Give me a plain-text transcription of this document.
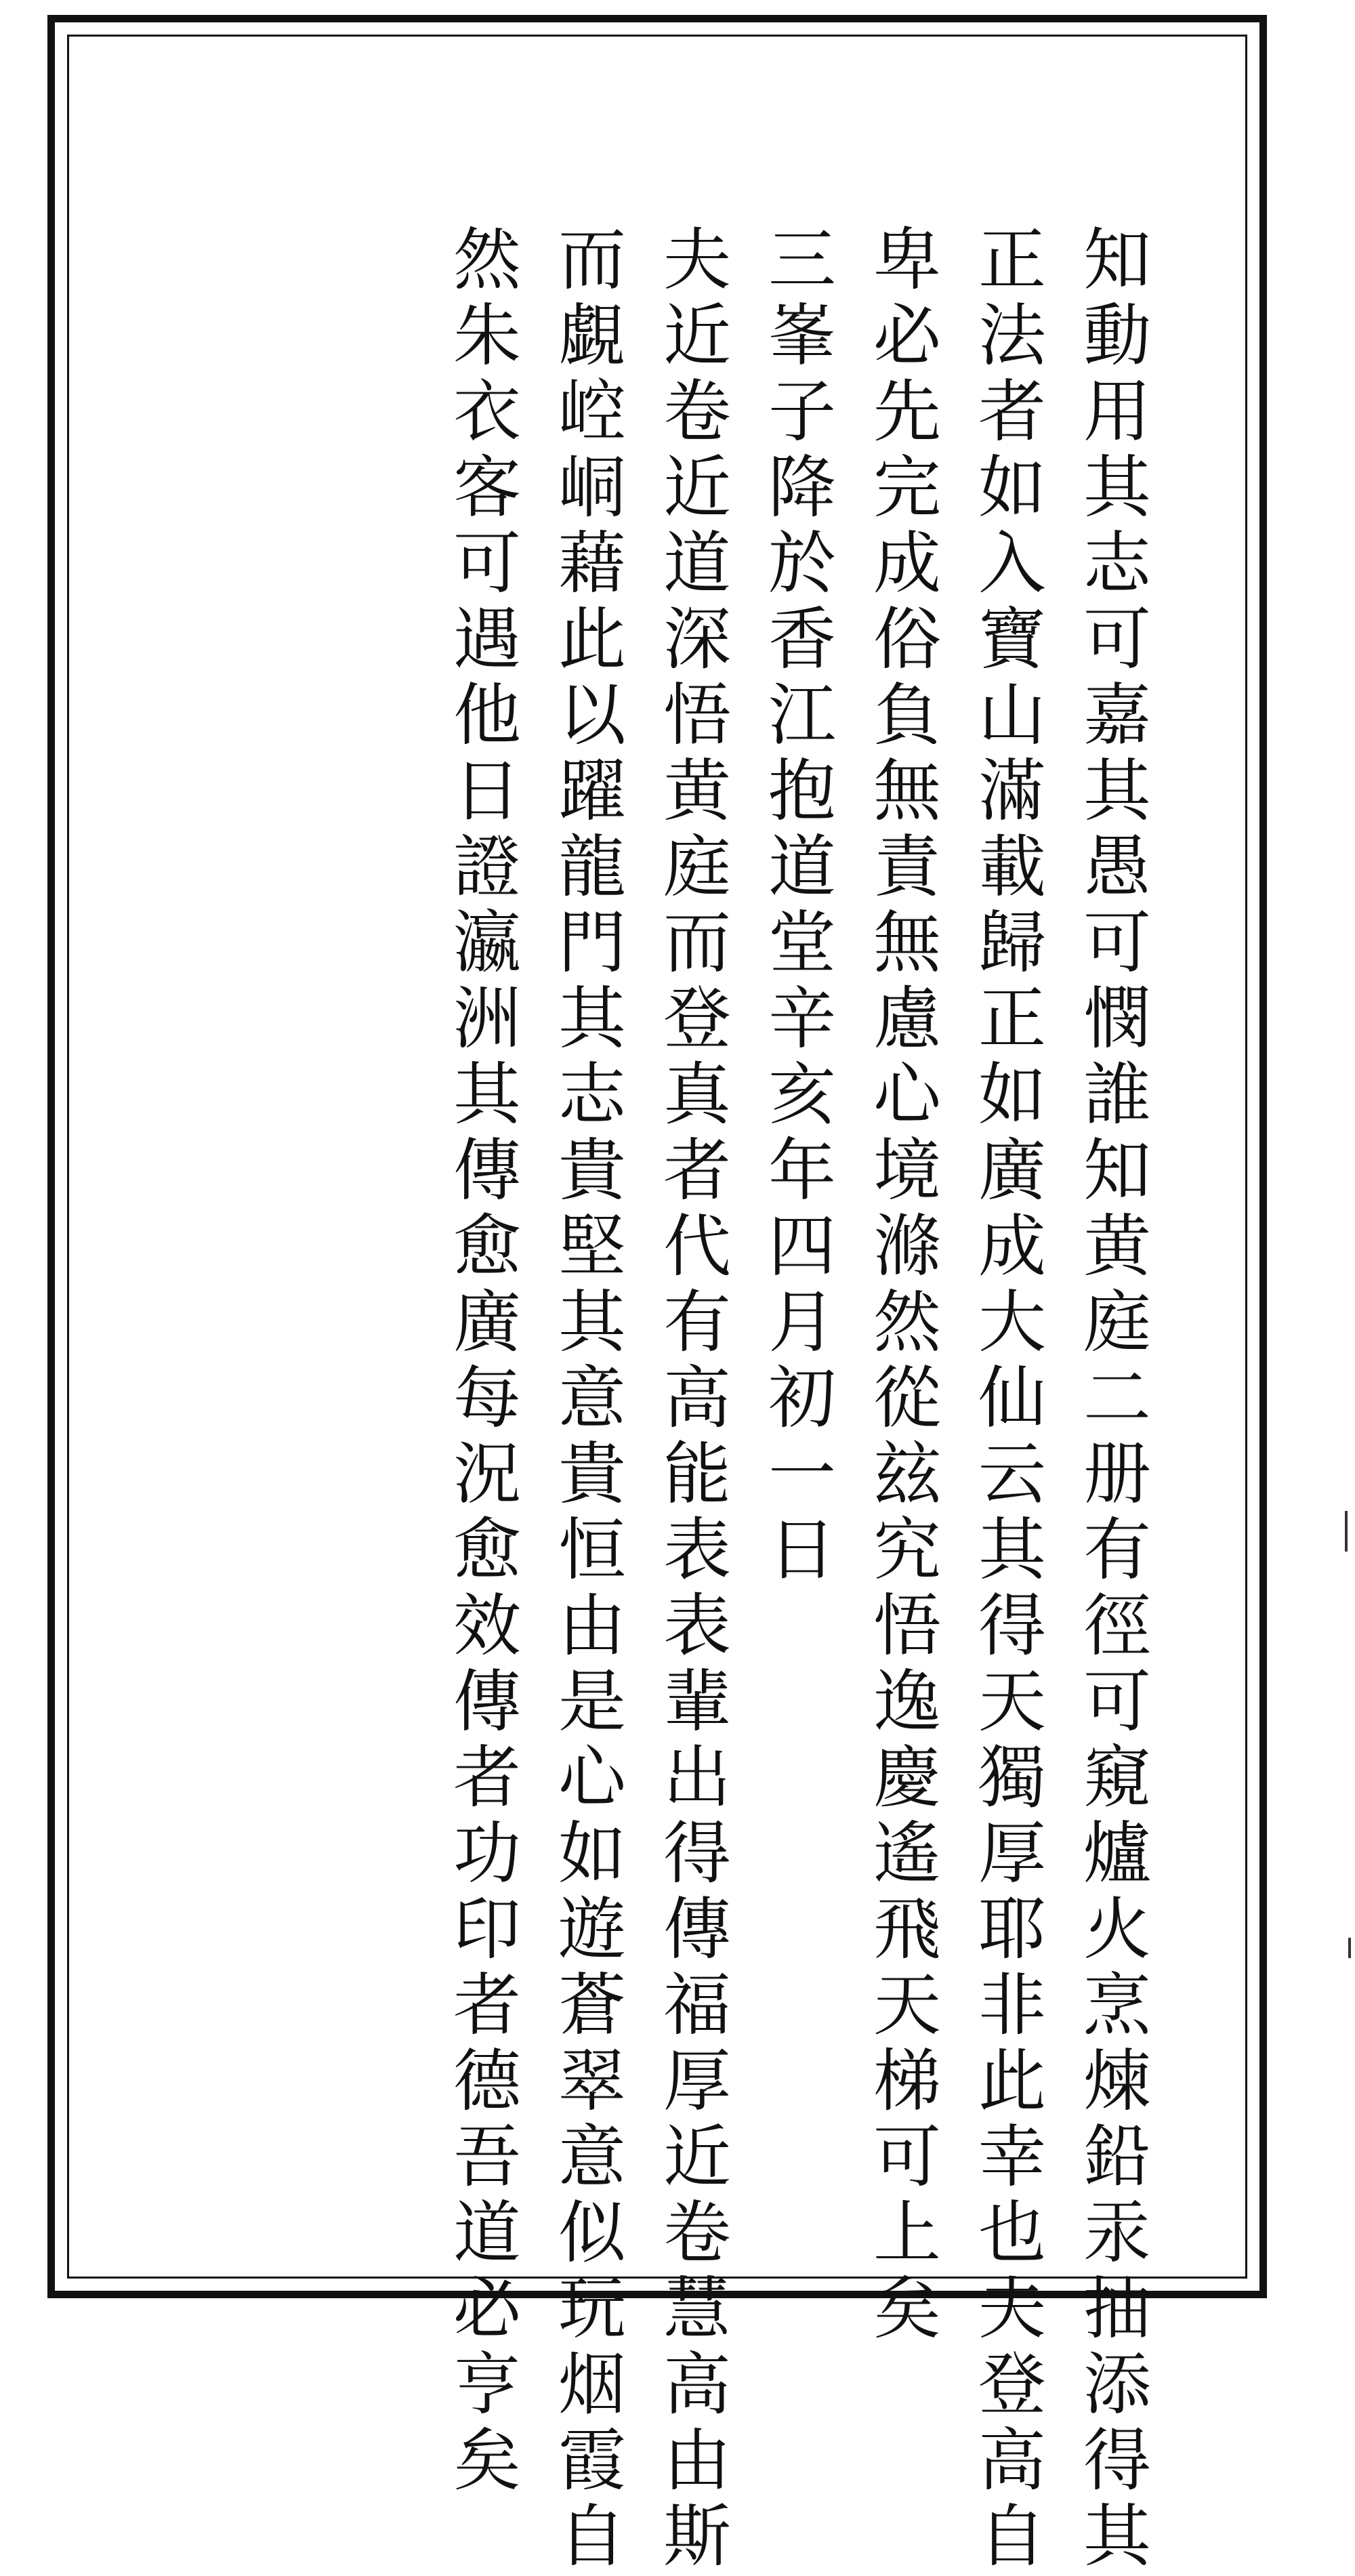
知動用其志可嘉其愚可憫誰知黄庭二册有徑可窺爐火烹煉鉛汞抽添得其
正法者如入寶山滿載歸正如廣成大仙云其得天獨厚耶非此幸也夫登高自
卑必先完成俗負無責無慮心境滌然從玆究悟逸慶遙飛天梯可上矣
三峯子降於香江抱道堂辛亥年四月初一日
夫近卷近道深悟黄庭而登真者代有高能表表輩出得傳福厚近卷慧高由斯
而覷崆峒藉此以躍龍門其志貴堅其意貴恒由是心如遊蒼翠意似玩烟霞自
然朱衣客可遇他日證瀛洲其傳愈廣每況愈效傳者功印者德吾道必亨矣
